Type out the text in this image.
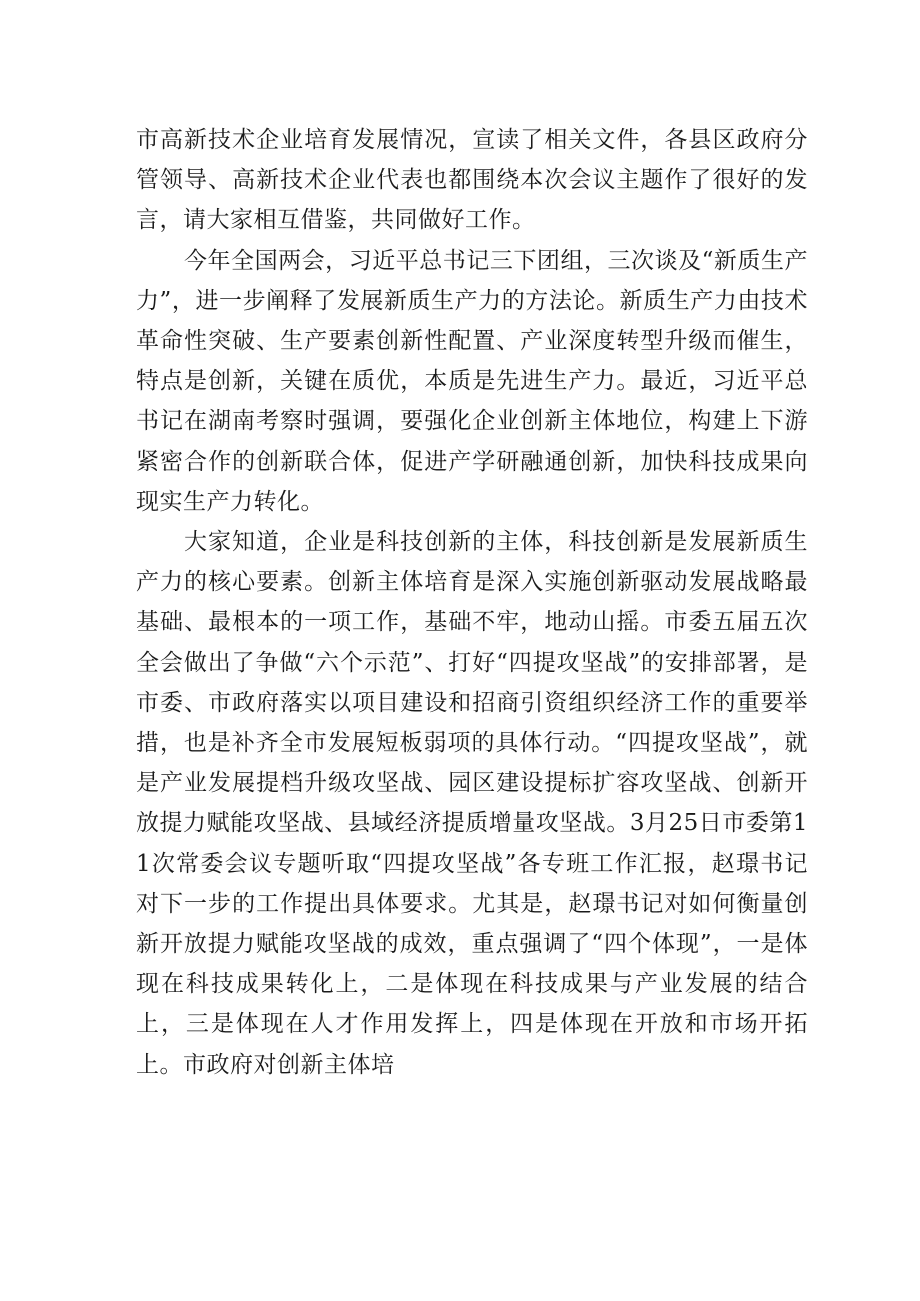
市高新技术企业培育发展情况，宣读了相关文件，各县区政府分管领导、高新技术企业代表也都围绕本次会议主题作了很好的发言，请大家相互借鉴，共同做好工作。

今年全国两会，习近平总书记三下团组，三次谈及“新质生产力”，进一步阐释了发展新质生产力的方法论。新质生产力由技术革命性突破、生产要素创新性配置、产业深度转型升级而催生，特点是创新，关键在质优，本质是先进生产力。最近，习近平总书记在湖南考察时强调，要强化企业创新主体地位，构建上下游紧密合作的创新联合体，促进产学研融通创新，加快科技成果向现实生产力转化。

大家知道，企业是科技创新的主体，科技创新是发展新质生产力的核心要素。创新主体培育是深入实施创新驱动发展战略最基础、最根本的一项工作，基础不牢，地动山摇。市委五届五次全会做出了争做“六个示范”、打好“四提攻坚战”的安排部署，是市委、市政府落实以项目建设和招商引资组织经济工作的重要举措，也是补齐全市发展短板弱项的具体行动。“四提攻坚战”，就是产业发展提档升级攻坚战、园区建设提标扩容攻坚战、创新开放提力赋能攻坚战、县域经济提质增量攻坚战。3月25日市委第11次常委会议专题听取“四提攻坚战”各专班工作汇报，赵璟书记对下一步的工作提出具体要求。尤其是，赵璟书记对如何衡量创新开放提力赋能攻坚战的成效，重点强调了“四个体现”，一是体现在科技成果转化上，二是体现在科技成果与产业发展的结合上，三是体现在人才作用发挥上，四是体现在开放和市场开拓上。市政府对创新主体培
